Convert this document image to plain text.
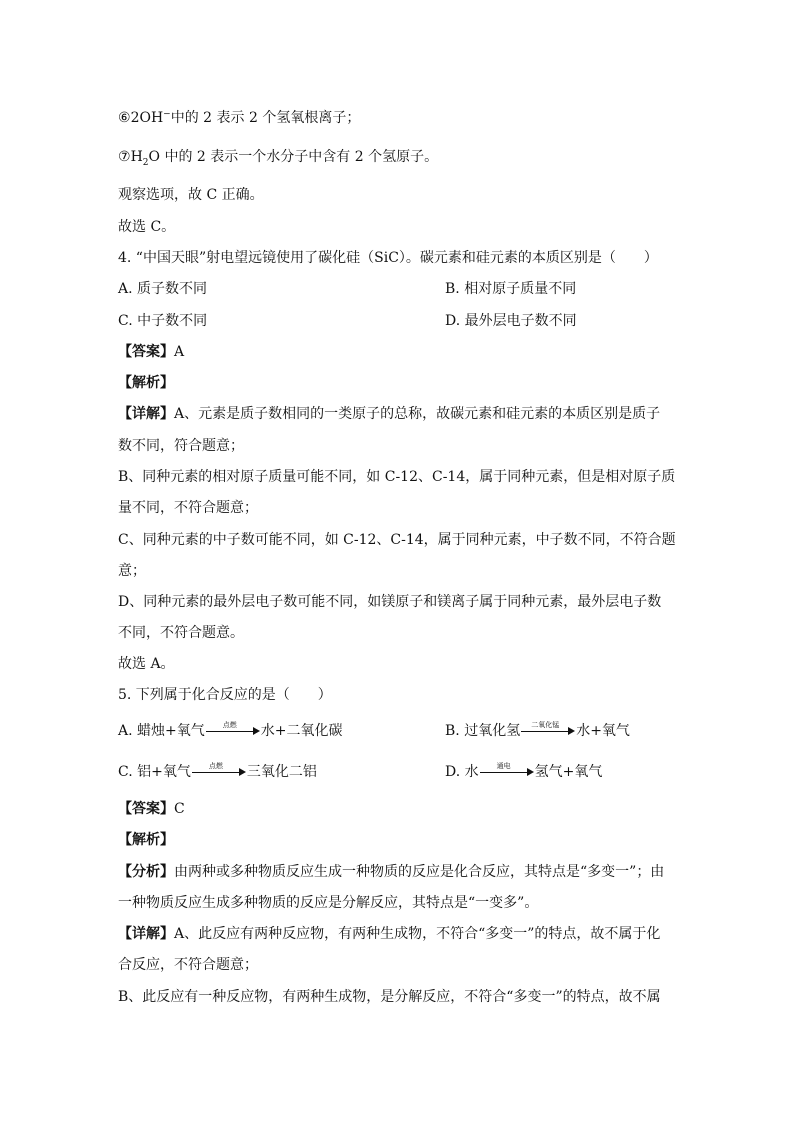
⑥2OH−中的 2 表示 2 个氢氧根离子；
$⑦H_2O$ 中的 2 表示一个水分子中含有 2 个氢原子。
观察选项，故 C 正确。
故选 C。
4. “中国天眼”射电望远镜使用了碳化硅（SiC）。碳元素和硅元素的本质区别是（　　）
A. 质子数不同	B. 相对原子质量不同
C. 中子数不同	D. 最外层电子数不同
【答案】A
【解析】
【详解】A、元素是质子数相同的一类原子的总称，故碳元素和硅元素的本质区别是质子
数不同，符合题意；
B、同种元素的相对原子质量可能不同，如 C-12、C-14，属于同种元素，但是相对原子质
量不同，不符合题意；
C、同种元素的中子数可能不同，如 C-12、C-14，属于同种元素，中子数不同，不符合题
意；
D、同种元素的最外层电子数可能不同，如镁原子和镁离子属于同种元素，最外层电子数
不同，不符合题意。
故选 A。
5. 下列属于化合反应的是（　　）
A. 蜡烛+氧气	点燃	水+二氧化碳	B. 过氧化氢	二氧化锰	水+氧气
C. 铝+氧气	点燃	三氧化二铝	D. 水	通电	氢气+氧气
【答案】C
【解析】
【分析】由两种或多种物质反应生成一种物质的反应是化合反应，其特点是“多变一”；由
一种物质反应生成多种物质的反应是分解反应，其特点是“一变多”。
【详解】A、此反应有两种反应物，有两种生成物，不符合“多变一”的特点，故不属于化
合反应，不符合题意；
B、此反应有一种反应物，有两种生成物，是分解反应，不符合“多变一”的特点，故不属
